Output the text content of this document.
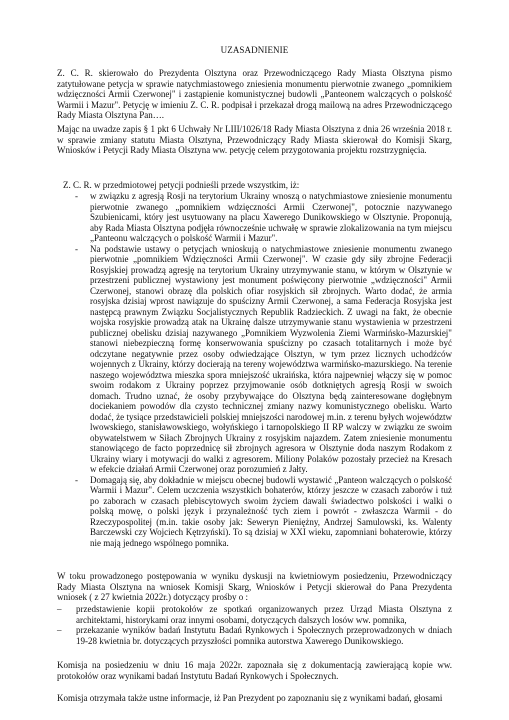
UZASADNIENIE

Z. C. R. skierowało do Prezydenta Olsztyna oraz Przewodniczącego Rady Miasta Olsztyna pismo zatytułowane petycja w sprawie natychmiastowego zniesienia monumentu pierwotnie zwanego „pomnikiem wdzięczności Armii Czerwonej" i zastąpienie komunistycznej budowli „Panteonem walczących o polskość Warmii i Mazur". Petycję w imieniu Z. C. R. podpisał i przekazał drogą mailową na adres Przewodniczącego Rady Miasta Olsztyna Pan….

Mając na uwadze zapis § 1 pkt 6 Uchwały Nr LIII/1026/18 Rady Miasta Olsztyna z dnia 26 września 2018 r. w sprawie zmiany statutu Miasta Olsztyna, Przewodniczący Rady Miasta skierował do Komisji Skarg, Wniosków i Petycji Rady Miasta Olsztyna ww. petycję celem przygotowania projektu rozstrzygnięcia.

Z. C. R. w przedmiotowej petycji podnieśli przede wszystkim, iż:

- w związku z agresją Rosji na terytorium Ukrainy wnoszą o natychmiastowe zniesienie monumentu pierwotnie zwanego „pomnikiem wdzięczności Armii Czerwonej", potocznie nazywanego Szubienicami, który jest usytuowany na placu Xawerego Dunikowskiego w Olsztynie. Proponują, aby Rada Miasta Olsztyna podjęła równocześnie uchwałę w sprawie zlokalizowania na tym miejscu „Panteonu walczących o polskość Warmii i Mazur".
- Na podstawie ustawy o petycjach wnioskują o natychmiastowe zniesienie monumentu zwanego pierwotnie „pomnikiem Wdzięczności Armii Czerwonej". W czasie gdy siły zbrojne Federacji Rosyjskiej prowadzą agresję na terytorium Ukrainy utrzymywanie stanu, w którym w Olsztynie w przestrzeni publicznej wystawiony jest monument poświęcony pierwotnie „wdzięczności" Armii Czerwonej, stanowi obrazę dla polskich ofiar rosyjskich sił zbrojnych. Warto dodać, że armia rosyjska dzisiaj wprost nawiązuje do spuścizny Armii Czerwonej, a sama Federacja Rosyjska jest następcą prawnym Związku Socjalistycznych Republik Radzieckich. Z uwagi na fakt, że obecnie wojska rosyjskie prowadzą atak na Ukrainę dalsze utrzymywanie stanu wystawienia w przestrzeni publicznej obelisku dzisiaj nazywanego „Pomnikiem Wyzwolenia Ziemi Warmińsko-Mazurskiej" stanowi niebezpieczną formę konserwowania spuścizny po czasach totalitarnych i może być odczytane negatywnie przez osoby odwiedzające Olsztyn, w tym przez licznych uchodźców wojennych z Ukrainy, którzy docierają na tereny województwa warmińsko-mazurskiego. Na terenie naszego województwa mieszka spora mniejszość ukraińska, która najpewniej włączy się w pomoc swoim rodakom z Ukrainy poprzez przyjmowanie osób dotkniętych agresją Rosji w swoich domach. Trudno uznać, że osoby przybywające do Olsztyna będą zainteresowane dogłębnym dociekaniem powodów dla czysto technicznej zmiany nazwy komunistycznego obelisku. Warto dodać, że tysiące przedstawicieli polskiej mniejszości narodowej m.in. z terenu byłych województw lwowskiego, stanisławowskiego, wołyńskiego i tarnopolskiego II RP walczy w związku ze swoim obywatelstwem w Siłach Zbrojnych Ukrainy z rosyjskim najazdem. Zatem zniesienie monumentu stanowiącego de facto poprzednicę sił zbrojnych agresora w Olsztynie doda naszym Rodakom z Ukrainy wiary i motywacji do walki z agresorem. Miliony Polaków pozostały przecież na Kresach w efekcie działań Armii Czerwonej oraz porozumień z Jałty.
- Domagają się, aby dokładnie w miejscu obecnej budowli wystawić „Panteon walczących o polskość Warmii i Mazur". Celem uczczenia wszystkich bohaterów, którzy jeszcze w czasach zaborów i tuż po zaborach w czasach plebiscytowych swoim życiem dawali świadectwo polskości i walki o polską mowę, o polski język i przynależność tych ziem i powrót - zwłaszcza Warmii - do Rzeczypospolitej (m.in. takie osoby jak: Seweryn Pieniężny, Andrzej Samulowski, ks. Walenty Barczewski czy Wojciech Kętrzyński). To są dzisiaj w XXI wieku, zapomniani bohaterowie, którzy nie mają jednego wspólnego pomnika.

W toku prowadzonego postępowania w wyniku dyskusji na kwietniowym posiedzeniu, Przewodniczący Rady Miasta Olsztyna na wniosek Komisji Skarg, Wniosków i Petycji skierował do Pana Prezydenta wniosek ( z 27 kwietnia 2022r.) dotyczący prośby o :

– przedstawienie kopii protokołów ze spotkań organizowanych przez Urząd Miasta Olsztyna z architektami, historykami oraz innymi osobami, dotyczących dalszych losów ww. pomnika,
– przekazanie wyników badań Instytutu Badań Rynkowych i Społecznych przeprowadzonych w dniach 19-28 kwietnia br. dotyczących przyszłości pomnika autorstwa Xawerego Dunikowskiego.

Komisja na posiedzeniu w dniu 16 maja 2022r. zapoznała się z dokumentacją zawierającą kopie ww. protokołów oraz wynikami badań Instytutu Badań Rynkowych i Społecznych.

Komisja otrzymała także ustne informacje, iż Pan Prezydent po zapoznaniu się z wynikami badań, głosami
